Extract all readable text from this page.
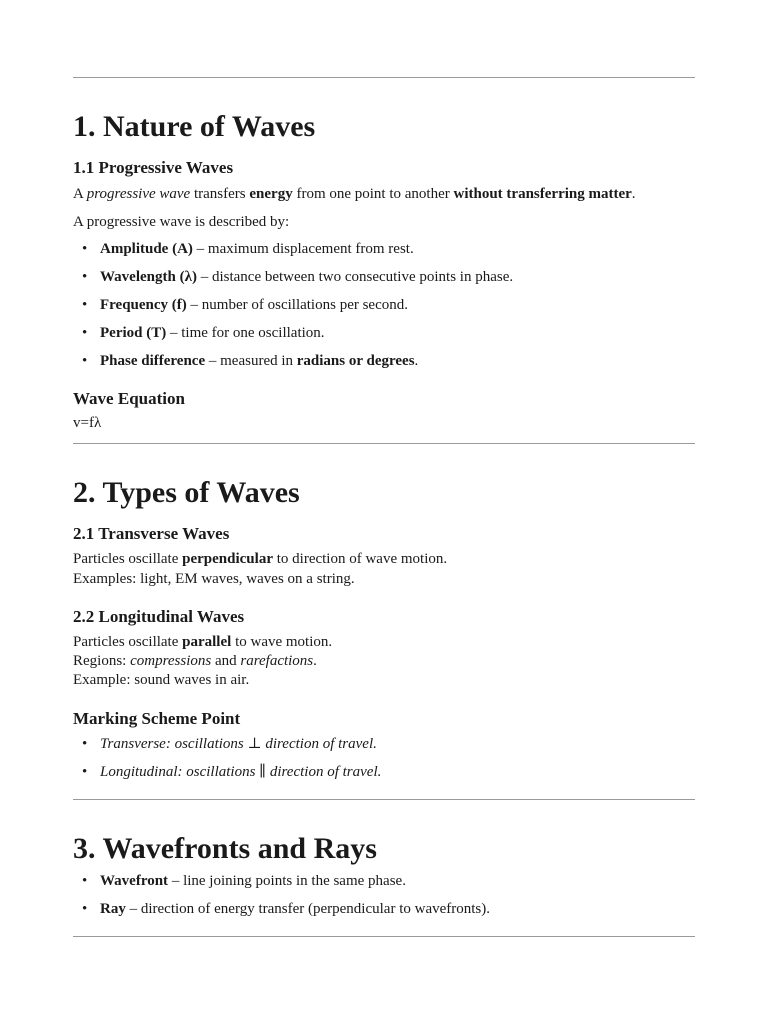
1. Nature of Waves
1.1 Progressive Waves

A progressive wave transfers energy from one point to another without transferring matter.

A progressive wave is described by:

• Amplitude (A) – maximum displacement from rest.
• Wavelength (λ) – distance between two consecutive points in phase.
• Frequency (f) – number of oscillations per second.
• Period (T) – time for one oscillation.
• Phase difference – measured in radians or degrees.
Wave Equation

v=fλ

2. Types of Waves
2.1 Transverse Waves

Particles oscillate perpendicular to direction of wave motion.

Examples: light, EM waves, waves on a string.

2.2 Longitudinal Waves

Particles oscillate parallel to wave motion.

Regions: compressions and rarefactions.

Example: sound waves in air.

Marking Scheme Point
• Transverse: oscillations ⊥ direction of travel.
• Longitudinal: oscillations ∥ direction of travel.
3. Wavefronts and Rays
• Wavefront – line joining points in the same phase.
• Ray – direction of energy transfer (perpendicular to wavefronts).
